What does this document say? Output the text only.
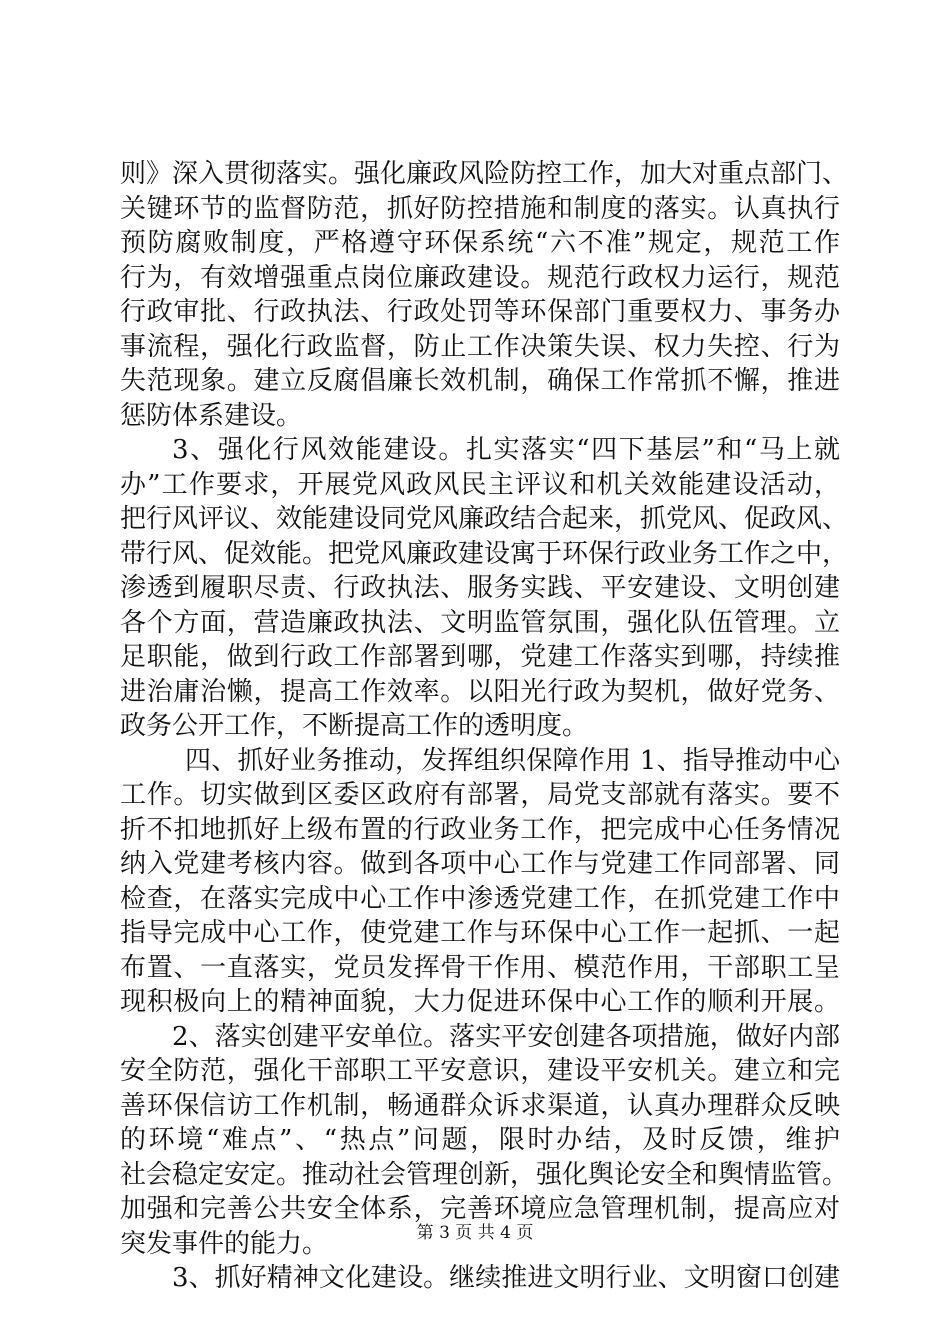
则》深入贯彻落实。强化廉政风险防控工作，加大对重点部门、
关键环节的监督防范，抓好防控措施和制度的落实。认真执行
预防腐败制度，严格遵守环保系统“六不准”规定，规范工作
行为，有效增强重点岗位廉政建设。规范行政权力运行，规范
行政审批、行政执法、行政处罚等环保部门重要权力、事务办
事流程，强化行政监督，防止工作决策失误、权力失控、行为
失范现象。建立反腐倡廉长效机制，确保工作常抓不懈，推进
惩防体系建设。
3、强化行风效能建设。扎实落实“四下基层”和“马上就
办”工作要求，开展党风政风民主评议和机关效能建设活动，
把行风评议、效能建设同党风廉政结合起来，抓党风、促政风、
带行风、促效能。把党风廉政建设寓于环保行政业务工作之中，
渗透到履职尽责、行政执法、服务实践、平安建设、文明创建
各个方面，营造廉政执法、文明监管氛围，强化队伍管理。立
足职能，做到行政工作部署到哪，党建工作落实到哪，持续推
进治庸治懒，提高工作效率。以阳光行政为契机，做好党务、
政务公开工作，不断提高工作的透明度。
四、抓好业务推动，发挥组织保障作用 1、指导推动中心
工作。切实做到区委区政府有部署，局党支部就有落实。要不
折不扣地抓好上级布置的行政业务工作，把完成中心任务情况
纳入党建考核内容。做到各项中心工作与党建工作同部署、同
检查，在落实完成中心工作中渗透党建工作，在抓党建工作中
指导完成中心工作，使党建工作与环保中心工作一起抓、一起
布置、一直落实，党员发挥骨干作用、模范作用，干部职工呈
现积极向上的精神面貌，大力促进环保中心工作的顺利开展。
2、落实创建平安单位。落实平安创建各项措施，做好内部
安全防范，强化干部职工平安意识，建设平安机关。建立和完
善环保信访工作机制，畅通群众诉求渠道，认真办理群众反映
的环境“难点”、“热点”问题，限时办结，及时反馈，维护
社会稳定安定。推动社会管理创新，强化舆论安全和舆情监管。
加强和完善公共安全体系，完善环境应急管理机制，提高应对
突发事件的能力。
3、抓好精神文化建设。继续推进文明行业、文明窗口创建
第 3 页 共 4 页
